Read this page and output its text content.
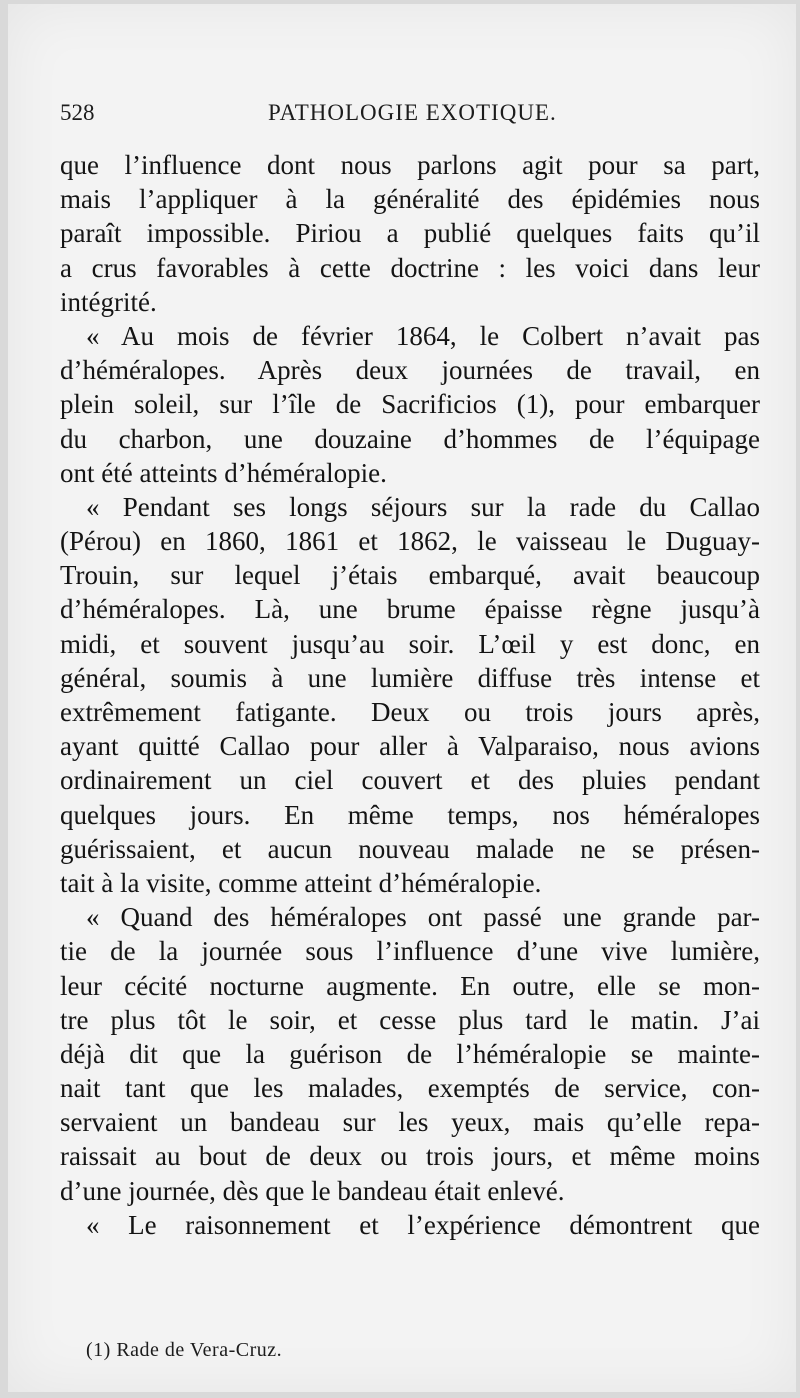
528	PATHOLOGIE EXOTIQUE.
que l’influence dont nous parlons agit pour sa part,
mais l’appliquer à la généralité des épidémies nous
paraît impossible. Piriou a publié quelques faits qu’il
a crus favorables à cette doctrine : les voici dans leur
intégrité.
« Au mois de février 1864, le Colbert n’avait pas
d’héméralopes. Après deux journées de travail, en
plein soleil, sur l’île de Sacrificios (1), pour embarquer
du charbon, une douzaine d’hommes de l’équipage
ont été atteints d’héméralopie.
« Pendant ses longs séjours sur la rade du Callao
(Pérou) en 1860, 1861 et 1862, le vaisseau le Duguay-
Trouin, sur lequel j’étais embarqué, avait beaucoup
d’héméralopes. Là, une brume épaisse règne jusqu’à
midi, et souvent jusqu’au soir. L’œil y est donc, en
général, soumis à une lumière diffuse très intense et
extrêmement fatigante. Deux ou trois jours après,
ayant quitté Callao pour aller à Valparaiso, nous avions
ordinairement un ciel couvert et des pluies pendant
quelques jours. En même temps, nos héméralopes
guérissaient, et aucun nouveau malade ne se présen-
tait à la visite, comme atteint d’héméralopie.
« Quand des héméralopes ont passé une grande par-
tie de la journée sous l’influence d’une vive lumière,
leur cécité nocturne augmente. En outre, elle se mon-
tre plus tôt le soir, et cesse plus tard le matin. J’ai
déjà dit que la guérison de l’héméralopie se mainte-
nait tant que les malades, exemptés de service, con-
servaient un bandeau sur les yeux, mais qu’elle repa-
raissait au bout de deux ou trois jours, et même moins
d’une journée, dès que le bandeau était enlevé.
« Le raisonnement et l’expérience démontrent que
(1) Rade de Vera-Cruz.
